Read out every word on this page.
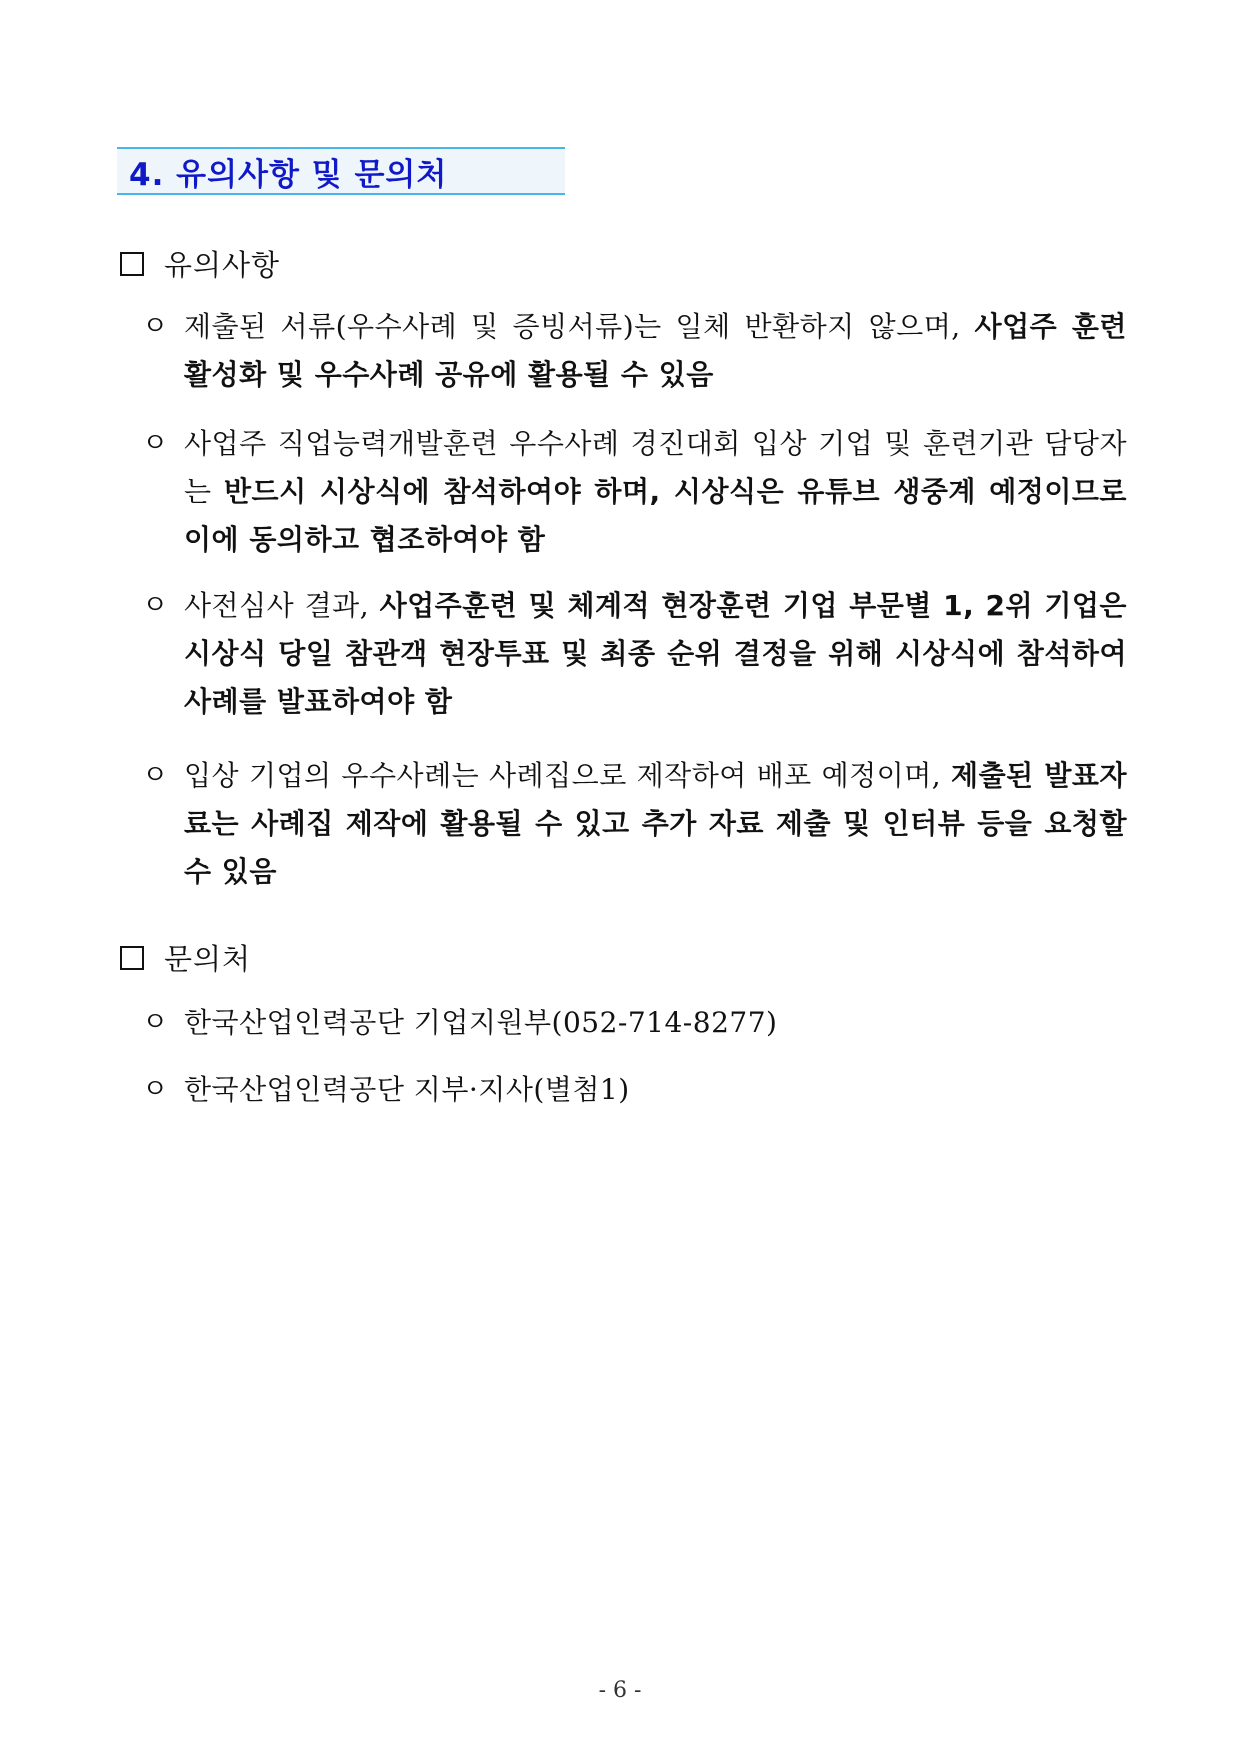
4. 유의사항 및 문의처
유의사항
ㅇ 제출된 서류(우수사례 및 증빙서류)는 일체 반환하지 않으며, 사업주 훈련 활성화 및 우수사례 공유에 활용될 수 있음
ㅇ 사업주 직업능력개발훈련 우수사례 경진대회 입상 기업 및 훈련기관 담당자는 반드시 시상식에 참석하여야 하며, 시상식은 유튜브 생중계 예정이므로 이에 동의하고 협조하여야 함
ㅇ 사전심사 결과, 사업주훈련 및 체계적 현장훈련 기업 부문별 1, 2위 기업은 시상식 당일 참관객 현장투표 및 최종 순위 결정을 위해 시상식에 참석하여 사례를 발표하여야 함
ㅇ 입상 기업의 우수사례는 사례집으로 제작하여 배포 예정이며, 제출된 발표자료는 사례집 제작에 활용될 수 있고 추가 자료 제출 및 인터뷰 등을 요청할 수 있음
문의처
ㅇ 한국산업인력공단 기업지원부(052-714-8277)
ㅇ 한국산업인력공단 지부·지사(별첨1)
- 6 -
